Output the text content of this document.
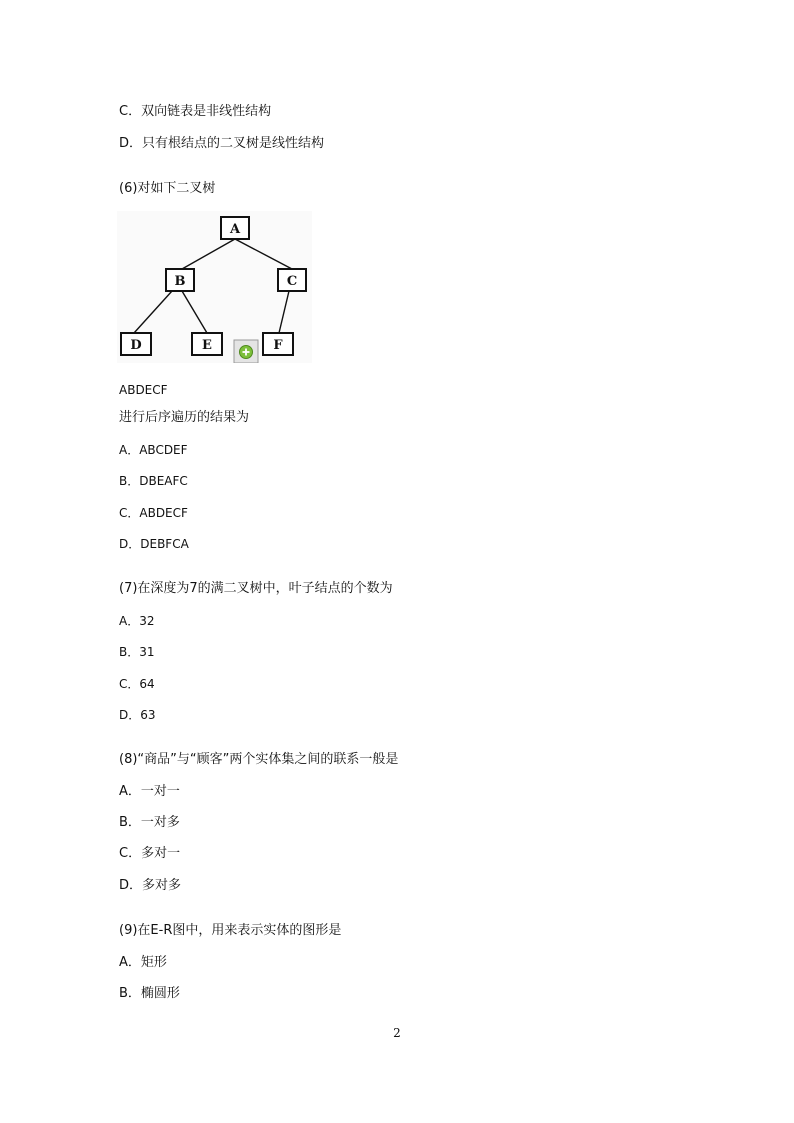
C．双向链表是非线性结构
D．只有根结点的二叉树是线性结构
(6)对如下二叉树
A
B	C
D	E	F
ABDECF
进行后序遍历的结果为
A．ABCDEF
B．DBEAFC
C．ABDECF
D．DEBFCA
(7)在深度为7的满二叉树中，叶子结点的个数为
A．32
B．31
C．64
D．63
(8)“商品”与“顾客”两个实体集之间的联系一般是
A．一对一
B．一对多
C．多对一
D．多对多
(9)在E-R图中，用来表示实体的图形是
A．矩形
B．椭圆形
2
